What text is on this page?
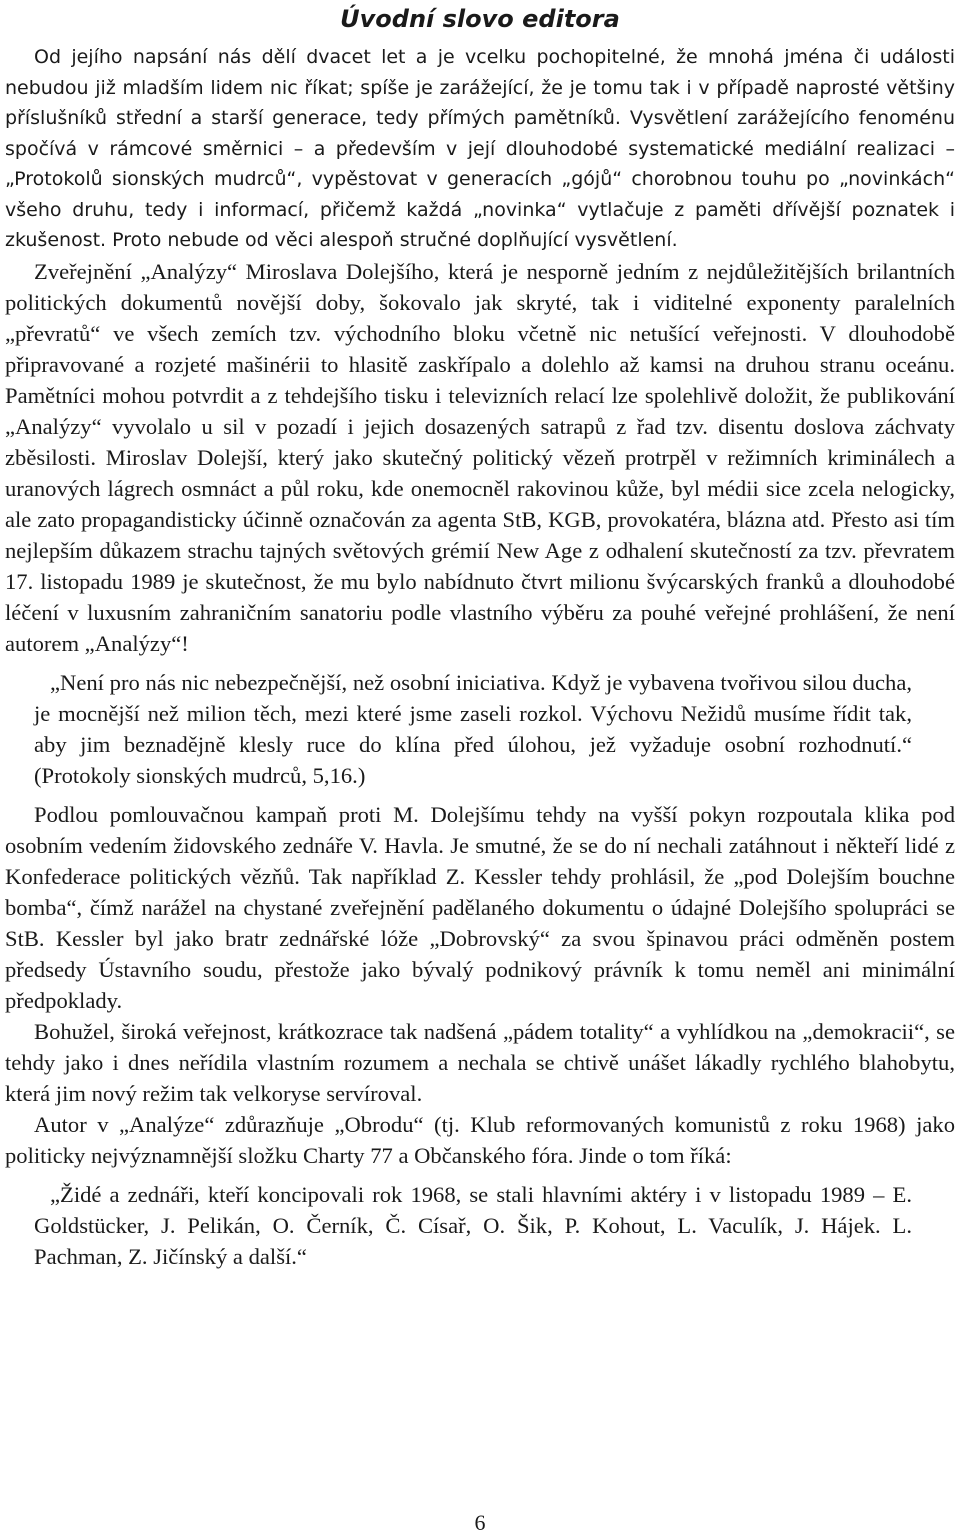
Úvodní slovo editora

Od jejího napsání nás dělí dvacet let a je vcelku pochopitelné, že mnohá jména či události nebudou již mladším lidem nic říkat; spíše je zarážející, že je tomu tak i v případě naprosté většiny příslušníků střední a starší generace, tedy přímých pamětníků. Vysvětlení zarážejícího fenoménu spočívá v rámcové směrnici – a především v její dlouhodobé systematické mediální realizaci – „Protokolů sionských mudrců“, vypěstovat v generacích „gójů“ chorobnou touhu po „novinkách“ všeho druhu, tedy i informací, přičemž každá „novinka“ vytlačuje z paměti dřívější poznatek i zkušenost. Proto nebude od věci alespoň stručné doplňující vysvětlení.

Zveřejnění „Analýzy“ Miroslava Dolejšího, která je nesporně jedním z nejdůležitějších brilantních politických dokumentů novější doby, šokovalo jak skryté, tak i viditelné exponenty paralelních „převratů“ ve všech zemích tzv. východního bloku včetně nic netušící veřejnosti. V dlouhodobě připravované a rozjeté mašinérii to hlasitě zaskřípalo a dolehlo až kamsi na druhou stranu oceánu. Pamětníci mohou potvrdit a z tehdejšího tisku i televizních relací lze spolehlivě doložit, že publikování „Analýzy“ vyvolalo u sil v pozadí i jejich dosazených satrapů z řad tzv. disentu doslova záchvaty zběsilosti. Miroslav Dolejší, který jako skutečný politický vězeň protrpěl v režimních kriminálech a uranových lágrech osmnáct a půl roku, kde onemocněl rakovinou kůže, byl médii sice zcela nelogicky, ale zato propagandisticky účinně označován za agenta StB, KGB, provokatéra, blázna atd. Přesto asi tím nejlepším důkazem strachu tajných světových grémií New Age z odhalení skutečností za tzv. převratem 17. listopadu 1989 je skutečnost, že mu bylo nabídnuto čtvrt milionu švýcarských franků a dlouhodobé léčení v luxusním zahraničním sanatoriu podle vlastního výběru za pouhé veřejné prohlášení, že není autorem „Analýzy“!

„Není pro nás nic nebezpečnější, než osobní iniciativa. Když je vybavena tvořivou silou ducha, je mocnější než milion těch, mezi které jsme zaseli rozkol. Výchovu Nežidů musíme řídit tak, aby jim beznadějně klesly ruce do klína před úlohou, jež vyžaduje osobní rozhodnutí.“ (Protokoly sionských mudrců, 5,16.)

Podlou pomlouvačnou kampaň proti M. Dolejšímu tehdy na vyšší pokyn rozpoutala klika pod osobním vedením židovského zednáře V. Havla. Je smutné, že se do ní nechali zatáhnout i někteří lidé z Konfederace politických vězňů. Tak například Z. Kessler tehdy prohlásil, že „pod Dolejším bouchne bomba“, čímž narážel na chystané zveřejnění padělaného dokumentu o údajné Dolejšího spolupráci se StB. Kessler byl jako bratr zednářské lóže „Dobrovský“ za svou špinavou práci odměněn postem předsedy Ústavního soudu, přestože jako bývalý podnikový právník k tomu neměl ani minimální předpoklady.

Bohužel, široká veřejnost, krátkozrace tak nadšená „pádem totality“ a vyhlídkou na „demokracii“, se tehdy jako i dnes neřídila vlastním rozumem a nechala se chtivě unášet lákadly rychlého blahobytu, která jim nový režim tak velkoryse servíroval.

Autor v „Analýze“ zdůrazňuje „Obrodu“ (tj. Klub reformovaných komunistů z roku 1968) jako politicky nejvýznamnější složku Charty 77 a Občanského fóra. Jinde o tom říká:

„Židé a zednáři, kteří koncipovali rok 1968, se stali hlavními aktéry i v listopadu 1989 – E. Goldstücker, J. Pelikán, O. Černík, Č. Císař, O. Šik, P. Kohout, L. Vaculík, J. Hájek. L. Pachman, Z. Jičínský a další.“

6
